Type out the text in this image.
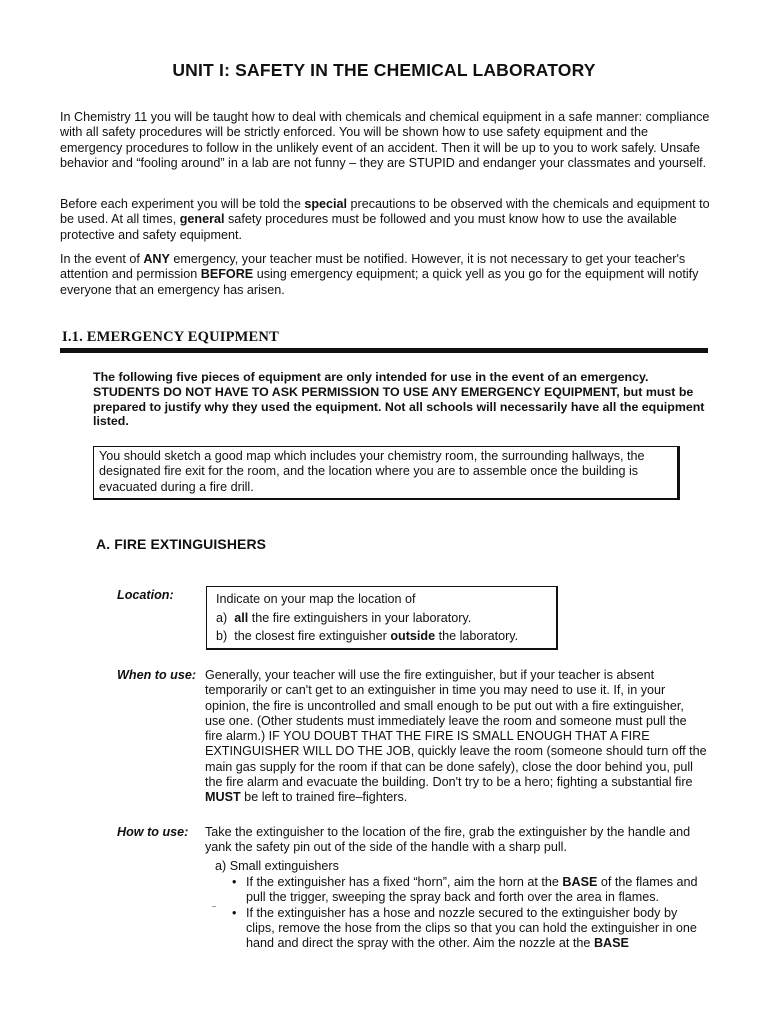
UNIT I: SAFETY IN THE CHEMICAL LABORATORY

In Chemistry 11 you will be taught how to deal with chemicals and chemical equipment in a safe manner: compliance with all safety procedures will be strictly enforced. You will be shown how to use safety equipment and the emergency procedures to follow in the unlikely event of an accident. Then it will be up to you to work safely. Unsafe behavior and “fooling around” in a lab are not funny – they are STUPID and endanger your classmates and yourself.

Before each experiment you will be told the special precautions to be observed with the chemicals and equipment to be used. At all times, general safety procedures must be followed and you must know how to use the available protective and safety equipment.

In the event of ANY emergency, your teacher must be notified. However, it is not necessary to get your teacher's attention and permission BEFORE using emergency equipment; a quick yell as you go for the equipment will notify everyone that an emergency has arisen.

I.1. EMERGENCY EQUIPMENT

The following five pieces of equipment are only intended for use in the event of an emergency. STUDENTS DO NOT HAVE TO ASK PERMISSION TO USE ANY EMERGENCY EQUIPMENT, but must be prepared to justify why they used the equipment. Not all schools will necessarily have all the equipment listed.

You should sketch a good map which includes your chemistry room, the surrounding hallways, the designated fire exit for the room, and the location where you are to assemble once the building is evacuated during a fire drill.
A. FIRE EXTINGUISHERS
Location:	Indicate on your map the location of
a) all the fire extinguishers in your laboratory.
b) the closest fire extinguisher outside the laboratory.
When to use: Generally, your teacher will use the fire extinguisher, but if your teacher is absent temporarily or can't get to an extinguisher in time you may need to use it. If, in your opinion, the fire is uncontrolled and small enough to be put out with a fire extinguisher, use one. (Other students must immediately leave the room and someone must pull the fire alarm.) IF YOU DOUBT THAT THE FIRE IS SMALL ENOUGH THAT A FIRE EXTINGUISHER WILL DO THE JOB, quickly leave the room (someone should turn off the main gas supply for the room if that can be done safely), close the door behind you, pull the fire alarm and evacuate the building. Don't try to be a hero; fighting a substantial fire MUST be left to trained fire–fighters.

How to use: Take the extinguisher to the location of the fire, grab the extinguisher by the handle and yank the safety pin out of the side of the handle with a sharp pull.

a) Small extinguishers
• If the extinguisher has a fixed “horn”, aim the horn at the BASE of the flames and pull the trigger, sweeping the spray back and forth over the area in flames.
• If the extinguisher has a hose and nozzle secured to the extinguisher body by clips, remove the hose from the clips so that you can hold the extinguisher in one hand and direct the spray with the other. Aim the nozzle at the BASE
